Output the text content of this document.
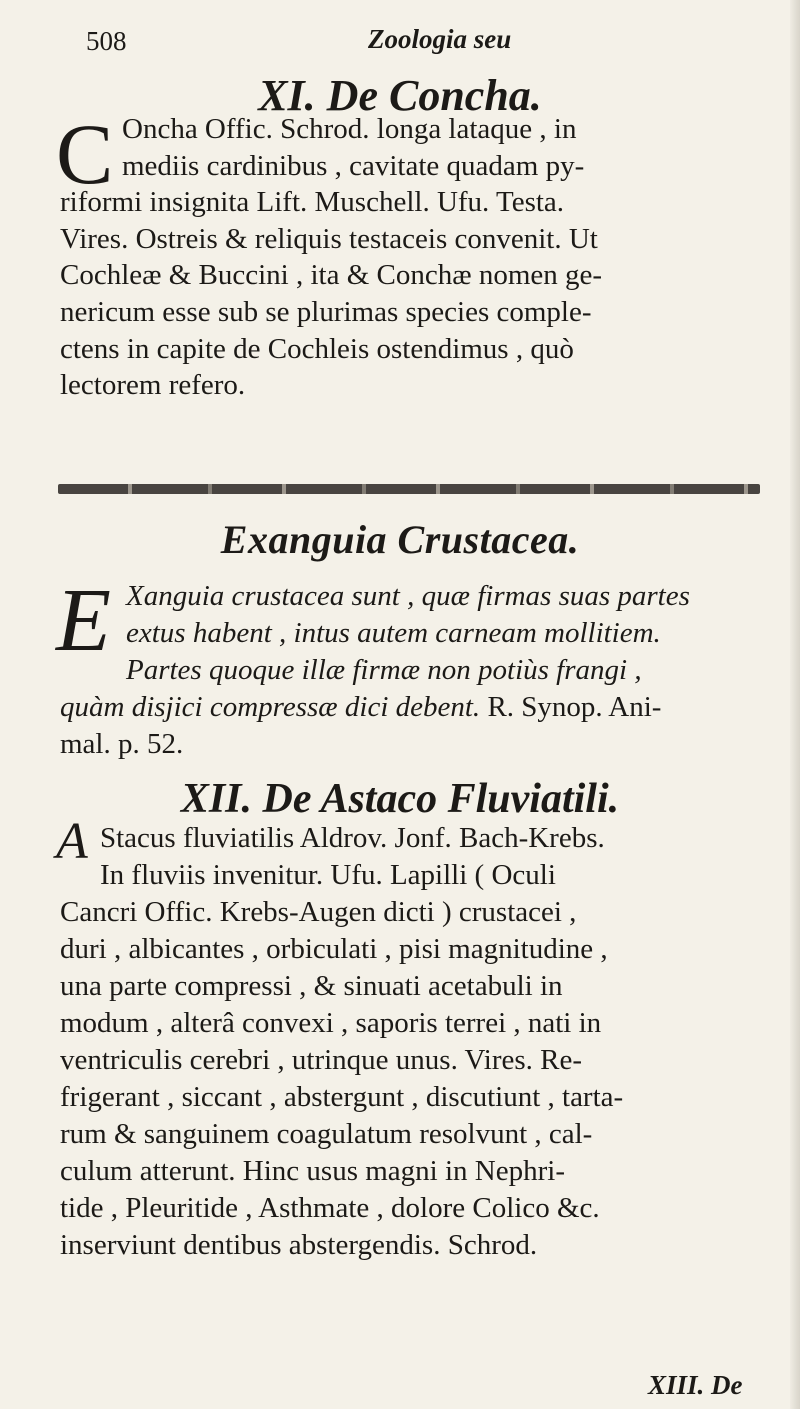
508	Zoologia seu
XI. De Concha.
C Oncha Offic. Schrod. longa lataque , in
mediis cardinibus , cavitate quadam py-
riformi insignita Lift. Muschell. Ufu. Testa.
Vires. Ostreis & reliquis testaceis convenit. Ut
Cochleæ & Buccini , ita & Conchæ nomen ge-
nericum esse sub se plurimas species comple-
ctens in capite de Cochleis ostendimus , quò
lectorem refero.
Exanguia Crustacea.
E Xanguia crustacea sunt , quæ firmas suas partes
extus habent , intus autem carneam mollitiem.
Partes quoque illæ firmæ non potiùs frangi ,
quàm disjici compressæ dici debent. R. Synop. Ani-
mal. p. 52.
XII. De Astaco Fluviatili.
A Stacus fluviatilis Aldrov. Jonf. Bach-Krebs.
In fluviis invenitur. Ufu. Lapilli ( Oculi
Cancri Offic. Krebs-Augen dicti ) crustacei ,
duri , albicantes , orbiculati , pisi magnitudine ,
una parte compressi , & sinuati acetabuli in
modum , alterâ convexi , saporis terrei , nati in
ventriculis cerebri , utrinque unus. Vires. Re-
frigerant , siccant , abstergunt , discutiunt , tarta-
rum & sanguinem coagulatum resolvunt , cal-
culum atterunt. Hinc usus magni in Nephri-
tide , Pleuritide , Asthmate , dolore Colico &c.
inserviunt dentibus abstergendis. Schrod.
XIII. De
